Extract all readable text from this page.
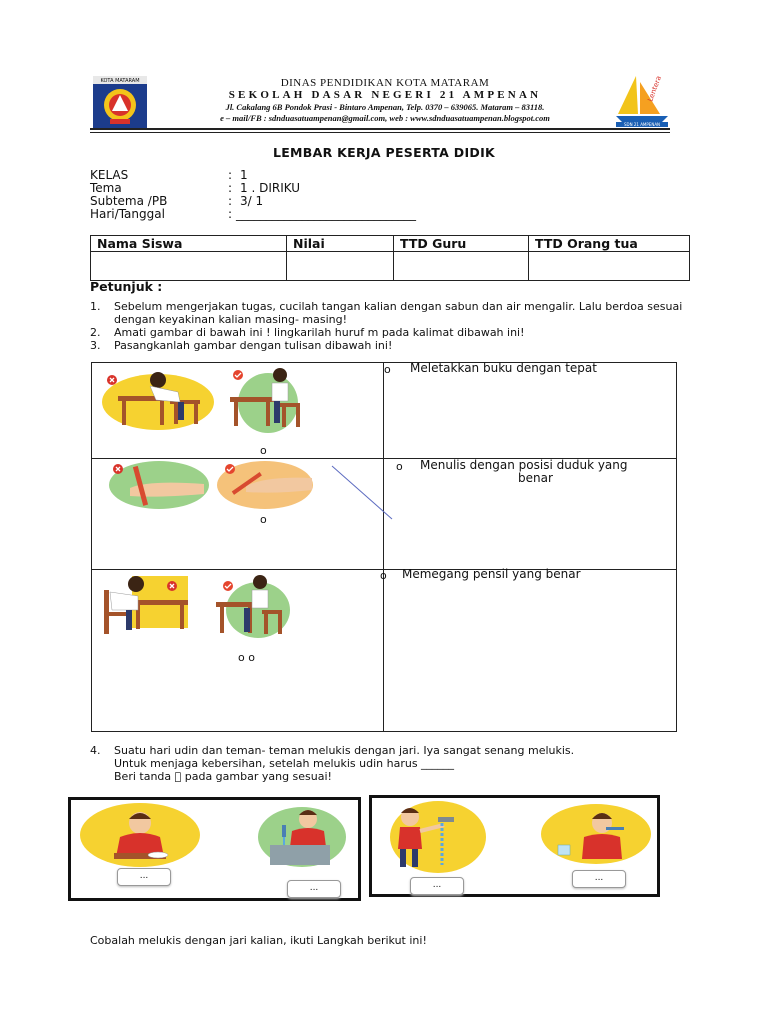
KOTA MATARAM	DINAS PENDIDIKAN KOTA MATARAM
SEKOLAH DASAR NEGERI 21 AMPENAN
Jl. Cakalang 6B Pondok Prasi - Bintaro Ampenan, Telp. 0370 – 639065. Mataram – 83118.
e – mail/FB : sdnduasatuampenan@gmail.com, web : www.sdnduasatuampenan.blogspot.com
Lentera
SDN 21 AMPENAN
LEMBAR KERJA PESERTA DIDIK
KELAS	: 1
Tema	: 1 . DIRIKU
Subtema /PB	: 3/ 1
Hari/Tanggal	: ______________________________
Nama Siswa	Nilai	TTD Guru	TTD Orang tua

Petunjuk :
1.	Sebelum mengerjakan tugas, cucilah tangan kalian dengan sabun dan air mengalir. Lalu berdoa sesuai dengan keyakinan kalian masing- masing!
2.	Amati gambar di bawah ini ! lingkarilah huruf m pada kalimat dibawah ini!
3.	Pasangkanlah gambar dengan tulisan dibawah ini!
o
o Meletakkan buku dengan tepat
o
o Menulis dengan posisi duduk yang
benar
o o
o Memegang pensil yang benar
4.	Suatu hari udin dan teman- teman melukis dengan jari. Iya sangat senang melukis.
Untuk menjaga kebersihan, setelah melukis udin harus ______
Beri tanda pada gambar yang sesuai!
...
...	...
...
Cobalah melukis dengan jari kalian, ikuti Langkah berikut ini!
